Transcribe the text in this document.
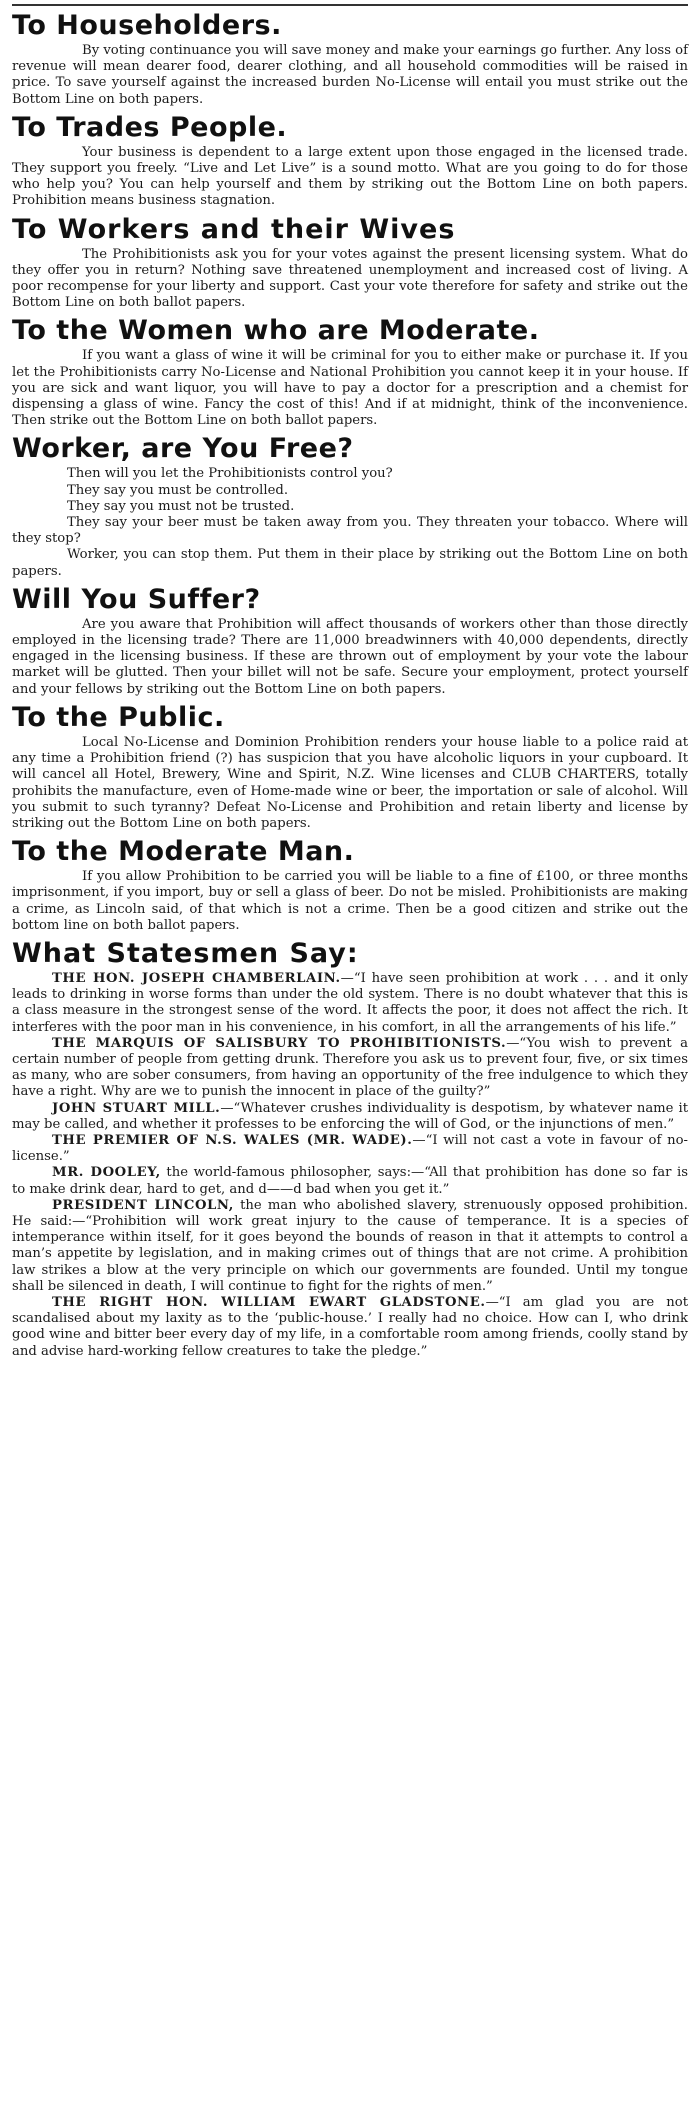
To Householders.

By voting continuance you will save money and make your earnings go further. Any loss of revenue will mean dearer food, dearer clothing, and all household commodities will be raised in price. To save yourself against the increased burden No-License will entail you must strike out the Bottom Line on both papers.

To Trades People.

Your business is dependent to a large extent upon those engaged in the licensed trade. They support you freely. “Live and Let Live” is a sound motto. What are you going to do for those who help you? You can help yourself and them by striking out the Bottom Line on both papers. Prohibition means business stagnation.

To Workers and their Wives

The Prohibitionists ask you for your votes against the present licensing system. What do they offer you in return? Nothing save threatened unemployment and increased cost of living. A poor recompense for your liberty and support. Cast your vote therefore for safety and strike out the Bottom Line on both ballot papers.

To the Women who are Moderate.

If you want a glass of wine it will be criminal for you to either make or purchase it. If you let the Prohibitionists carry No-License and National Prohibition you cannot keep it in your house. If you are sick and want liquor, you will have to pay a doctor for a prescription and a chemist for dispensing a glass of wine. Fancy the cost of this! And if at midnight, think of the inconvenience. Then strike out the Bottom Line on both ballot papers.

Worker, are You Free?

Then will you let the Prohibitionists control you?

They say you must be controlled.

They say you must not be trusted.

They say your beer must be taken away from you. They threaten your tobacco. Where will they stop?

Worker, you can stop them. Put them in their place by striking out the Bottom Line on both papers.

Will You Suffer?

Are you aware that Prohibition will affect thousands of workers other than those directly employed in the licensing trade? There are 11,000 breadwinners with 40,000 dependents, directly engaged in the licensing business. If these are thrown out of employment by your vote the labour market will be glutted. Then your billet will not be safe. Secure your employment, protect yourself and your fellows by striking out the Bottom Line on both papers.

To the Public.

Local No-License and Dominion Prohibition renders your house liable to a police raid at any time a Prohibition friend (?) has suspicion that you have alcoholic liquors in your cupboard. It will cancel all Hotel, Brewery, Wine and Spirit, N.Z. Wine licenses and CLUB CHARTERS, totally prohibits the manufacture, even of Home-made wine or beer, the importation or sale of alcohol. Will you submit to such tyranny? Defeat No-License and Prohibition and retain liberty and license by striking out the Bottom Line on both papers.

To the Moderate Man.

If you allow Prohibition to be carried you will be liable to a fine of £100, or three months imprisonment, if you import, buy or sell a glass of beer. Do not be misled. Prohibitionists are making a crime, as Lincoln said, of that which is not a crime. Then be a good citizen and strike out the bottom line on both ballot papers.

What Statesmen Say:

THE HON. JOSEPH CHAMBERLAIN.—“I have seen prohibition at work . . . and it only leads to drinking in worse forms than under the old system. There is no doubt whatever that this is a class measure in the strongest sense of the word. It affects the poor, it does not affect the rich. It interferes with the poor man in his convenience, in his comfort, in all the arrangements of his life.”

THE MARQUIS OF SALISBURY TO PROHIBITIONISTS.—“You wish to prevent a certain number of people from getting drunk. Therefore you ask us to prevent four, five, or six times as many, who are sober consumers, from having an opportunity of the free indulgence to which they have a right. Why are we to punish the innocent in place of the guilty?”

JOHN STUART MILL.—“Whatever crushes individuality is despotism, by whatever name it may be called, and whether it professes to be enforcing the will of God, or the injunctions of men.”

THE PREMIER OF N.S. WALES (MR. WADE).—“I will not cast a vote in favour of no-license.”

MR. DOOLEY, the world-famous philosopher, says:—“All that prohibition has done so far is to make drink dear, hard to get, and d——d bad when you get it.”

PRESIDENT LINCOLN, the man who abolished slavery, strenuously opposed prohibition. He said:—“Prohibition will work great injury to the cause of temperance. It is a species of intemperance within itself, for it goes beyond the bounds of reason in that it attempts to control a man’s appetite by legislation, and in making crimes out of things that are not crime. A prohibition law strikes a blow at the very principle on which our governments are founded. Until my tongue shall be silenced in death, I will continue to fight for the rights of men.”

THE RIGHT HON. WILLIAM EWART GLADSTONE.—“I am glad you are not scandalised about my laxity as to the ‘public-house.’ I really had no choice. How can I, who drink good wine and bitter beer every day of my life, in a comfortable room among friends, coolly stand by and advise hard-working fellow creatures to take the pledge.”
